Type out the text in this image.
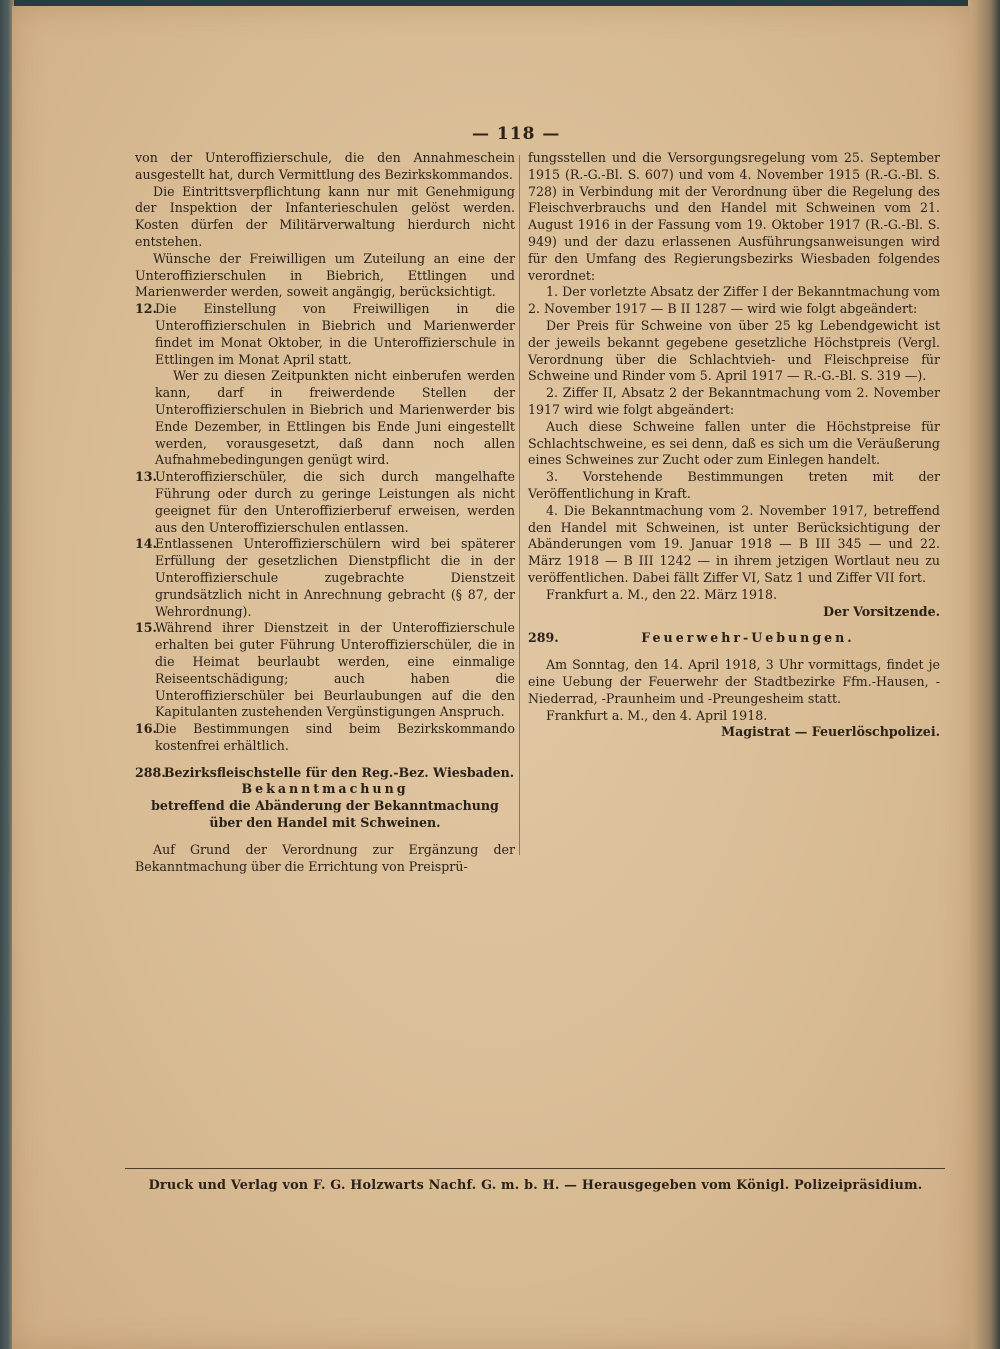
— 118 —

von der Unteroffizierschule, die den Annahmeschein ausgestellt hat, durch Vermittlung des Bezirkskommandos.

Die Eintrittsverpflichtung kann nur mit Genehmigung der Inspektion der Infanterieschulen gelöst werden. Kosten dürfen der Militärverwaltung hierdurch nicht entstehen.

Wünsche der Freiwilligen um Zuteilung an eine der Unteroffizierschulen in Biebrich, Ettlingen und Marienwerder werden, soweit angängig, berücksichtigt.

12.

Die Einstellung von Freiwilligen in die Unteroffizierschulen in Biebrich und Marienwerder findet im Monat Oktober, in die Unteroffizierschule in Ettlingen im Monat April statt.

Wer zu diesen Zeitpunkten nicht einberufen werden kann, darf in freiwerdende Stellen der Unteroffizierschulen in Biebrich und Marienwerder bis Ende Dezember, in Ettlingen bis Ende Juni eingestellt werden, vorausgesetzt, daß dann noch allen Aufnahmebedingungen genügt wird.

13.

Unteroffizierschüler, die sich durch mangelhafte Führung oder durch zu geringe Leistungen als nicht geeignet für den Unteroffizierberuf erweisen, werden aus den Unteroffizierschulen entlassen.

14.

Entlassenen Unteroffizierschülern wird bei späterer Erfüllung der gesetzlichen Dienstpflicht die in der Unteroffizierschule zugebrachte Dienstzeit grundsätzlich nicht in Anrechnung gebracht (§ 87, der Wehrordnung).

15.

Während ihrer Dienstzeit in der Unteroffizierschule erhalten bei guter Führung Unteroffizierschüler, die in die Heimat beurlaubt werden, eine einmalige Reiseentschädigung; auch haben die Unteroffizierschüler bei Beurlaubungen auf die den Kapitulanten zustehenden Vergünstigungen Anspruch.

16.

Die Bestimmungen sind beim Bezirkskommando kostenfrei erhältlich.

288.
Bezirksfleischstelle für den Reg.-Bez. Wiesbaden.

Bekanntmachung

betreffend die Abänderung der Bekanntmachung über den Handel mit Schweinen.

Auf Grund der Verordnung zur Ergänzung der Bekanntmachung über die Errichtung von Preisprü-

fungsstellen und die Versorgungsregelung vom 25. September 1915 (R.-G.-Bl. S. 607) und vom 4. November 1915 (R.-G.-Bl. S. 728) in Verbindung mit der Verordnung über die Regelung des Fleischverbrauchs und den Handel mit Schweinen vom 21. August 1916 in der Fassung vom 19. Oktober 1917 (R.-G.-Bl. S. 949) und der dazu erlassenen Ausführungsanweisungen wird für den Umfang des Regierungsbezirks Wiesbaden folgendes verordnet:

1. Der vorletzte Absatz der Ziffer I der Bekanntmachung vom 2. November 1917 — B II 1287 — wird wie folgt abgeändert:

Der Preis für Schweine von über 25 kg Lebendgewicht ist der jeweils bekannt gegebene gesetzliche Höchstpreis (Vergl. Verordnung über die Schlachtvieh- und Fleischpreise für Schweine und Rinder vom 5. April 1917 — R.-G.-Bl. S. 319 —).

2. Ziffer II, Absatz 2 der Bekanntmachung vom 2. November 1917 wird wie folgt abgeändert:

Auch diese Schweine fallen unter die Höchstpreise für Schlachtschweine, es sei denn, daß es sich um die Veräußerung eines Schweines zur Zucht oder zum Einlegen handelt.

3. Vorstehende Bestimmungen treten mit der Veröffentlichung in Kraft.

4. Die Bekanntmachung vom 2. November 1917, betreffend den Handel mit Schweinen, ist unter Berücksichtigung der Abänderungen vom 19. Januar 1918 — B III 345 — und 22. März 1918 — B III 1242 — in ihrem jetzigen Wortlaut neu zu veröffentlichen. Dabei fällt Ziffer VI, Satz 1 und Ziffer VII fort.

Frankfurt a. M., den 22. März 1918.

Der Vorsitzende.

289.	Feuerwehr-Uebungen.

Am Sonntag, den 14. April 1918, 3 Uhr vormittags, findet je eine Uebung der Feuerwehr der Stadtbezirke Ffm.-Hausen, -Niederrad, -Praunheim und -Preungesheim statt.

Frankfurt a. M., den 4. April 1918.

Magistrat — Feuerlöschpolizei.

Druck und Verlag von F. G. Holzwarts Nachf. G. m. b. H. — Herausgegeben vom Königl. Polizeipräsidium.
